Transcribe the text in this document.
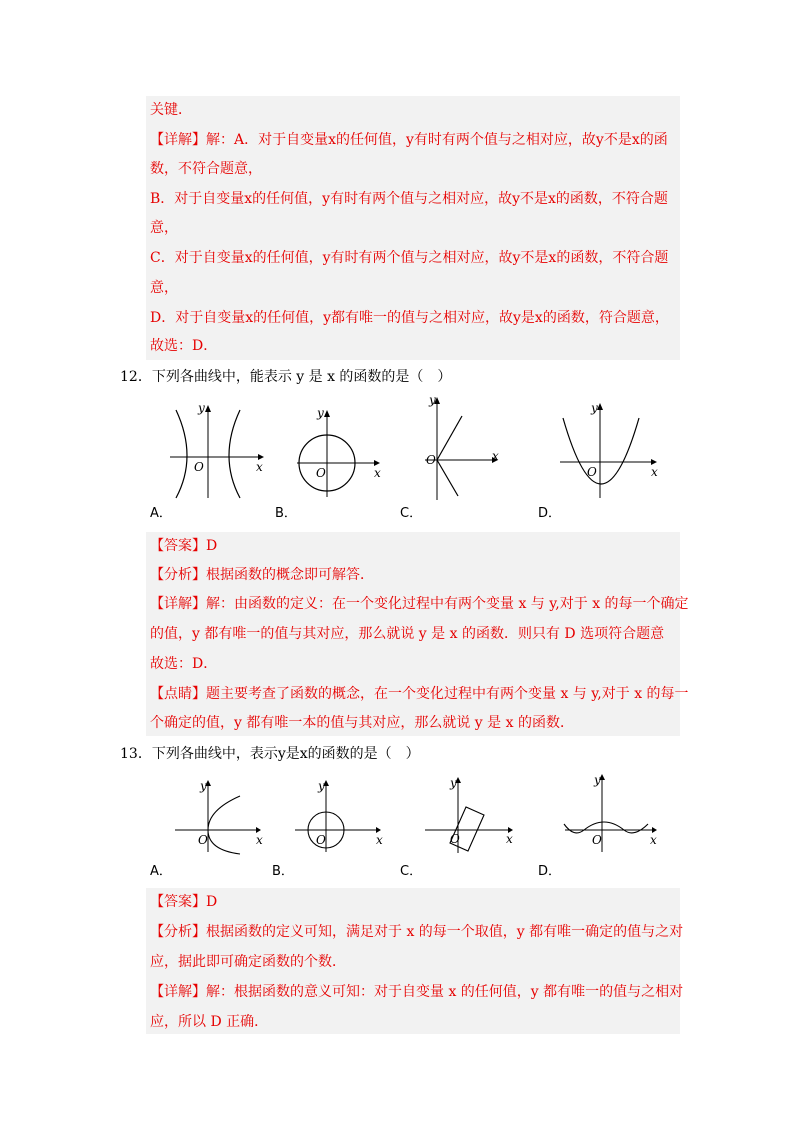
关键．
【详解】解：A．对于自变量x的任何值，y有时有两个值与之相对应，故y不是x的函
数，不符合题意，
B．对于自变量x的任何值，y有时有两个值与之相对应，故y不是x的函数，不符合题
意，
C．对于自变量x的任何值，y有时有两个值与之相对应，故y不是x的函数，不符合题
意，
D．对于自变量x的任何值，y都有唯一的值与之相对应，故y是x的函数，符合题意，
故选：D．
12．下列各曲线中，能表示 y 是 x 的函数的是（　）
y
x
O
y
x
O
y
x
O
y
x
O
A．	B．	C．	D．
【答案】D
【分析】根据函数的概念即可解答．
【详解】解：由函数的定义：在一个变化过程中有两个变量 x 与 y,对于 x 的每一个确定
的值，y 都有唯一的值与其对应，那么就说 y 是 x 的函数．则只有 D 选项符合题意
故选：D．
【点睛】题主要考查了函数的概念，在一个变化过程中有两个变量 x 与 y,对于 x 的每一
个确定的值，y 都有唯一本的值与其对应，那么就说 y 是 x 的函数．
13．下列各曲线中，表示y是x的函数的是（　）
y
x
O
y
x
O
y
x
O
y
x
O
A．	B．	C．	D．
【答案】D
【分析】根据函数的定义可知，满足对于 x 的每一个取值，y 都有唯一确定的值与之对
应，据此即可确定函数的个数．
【详解】解：根据函数的意义可知：对于自变量 x 的任何值，y 都有唯一的值与之相对
应，所以 D 正确．
